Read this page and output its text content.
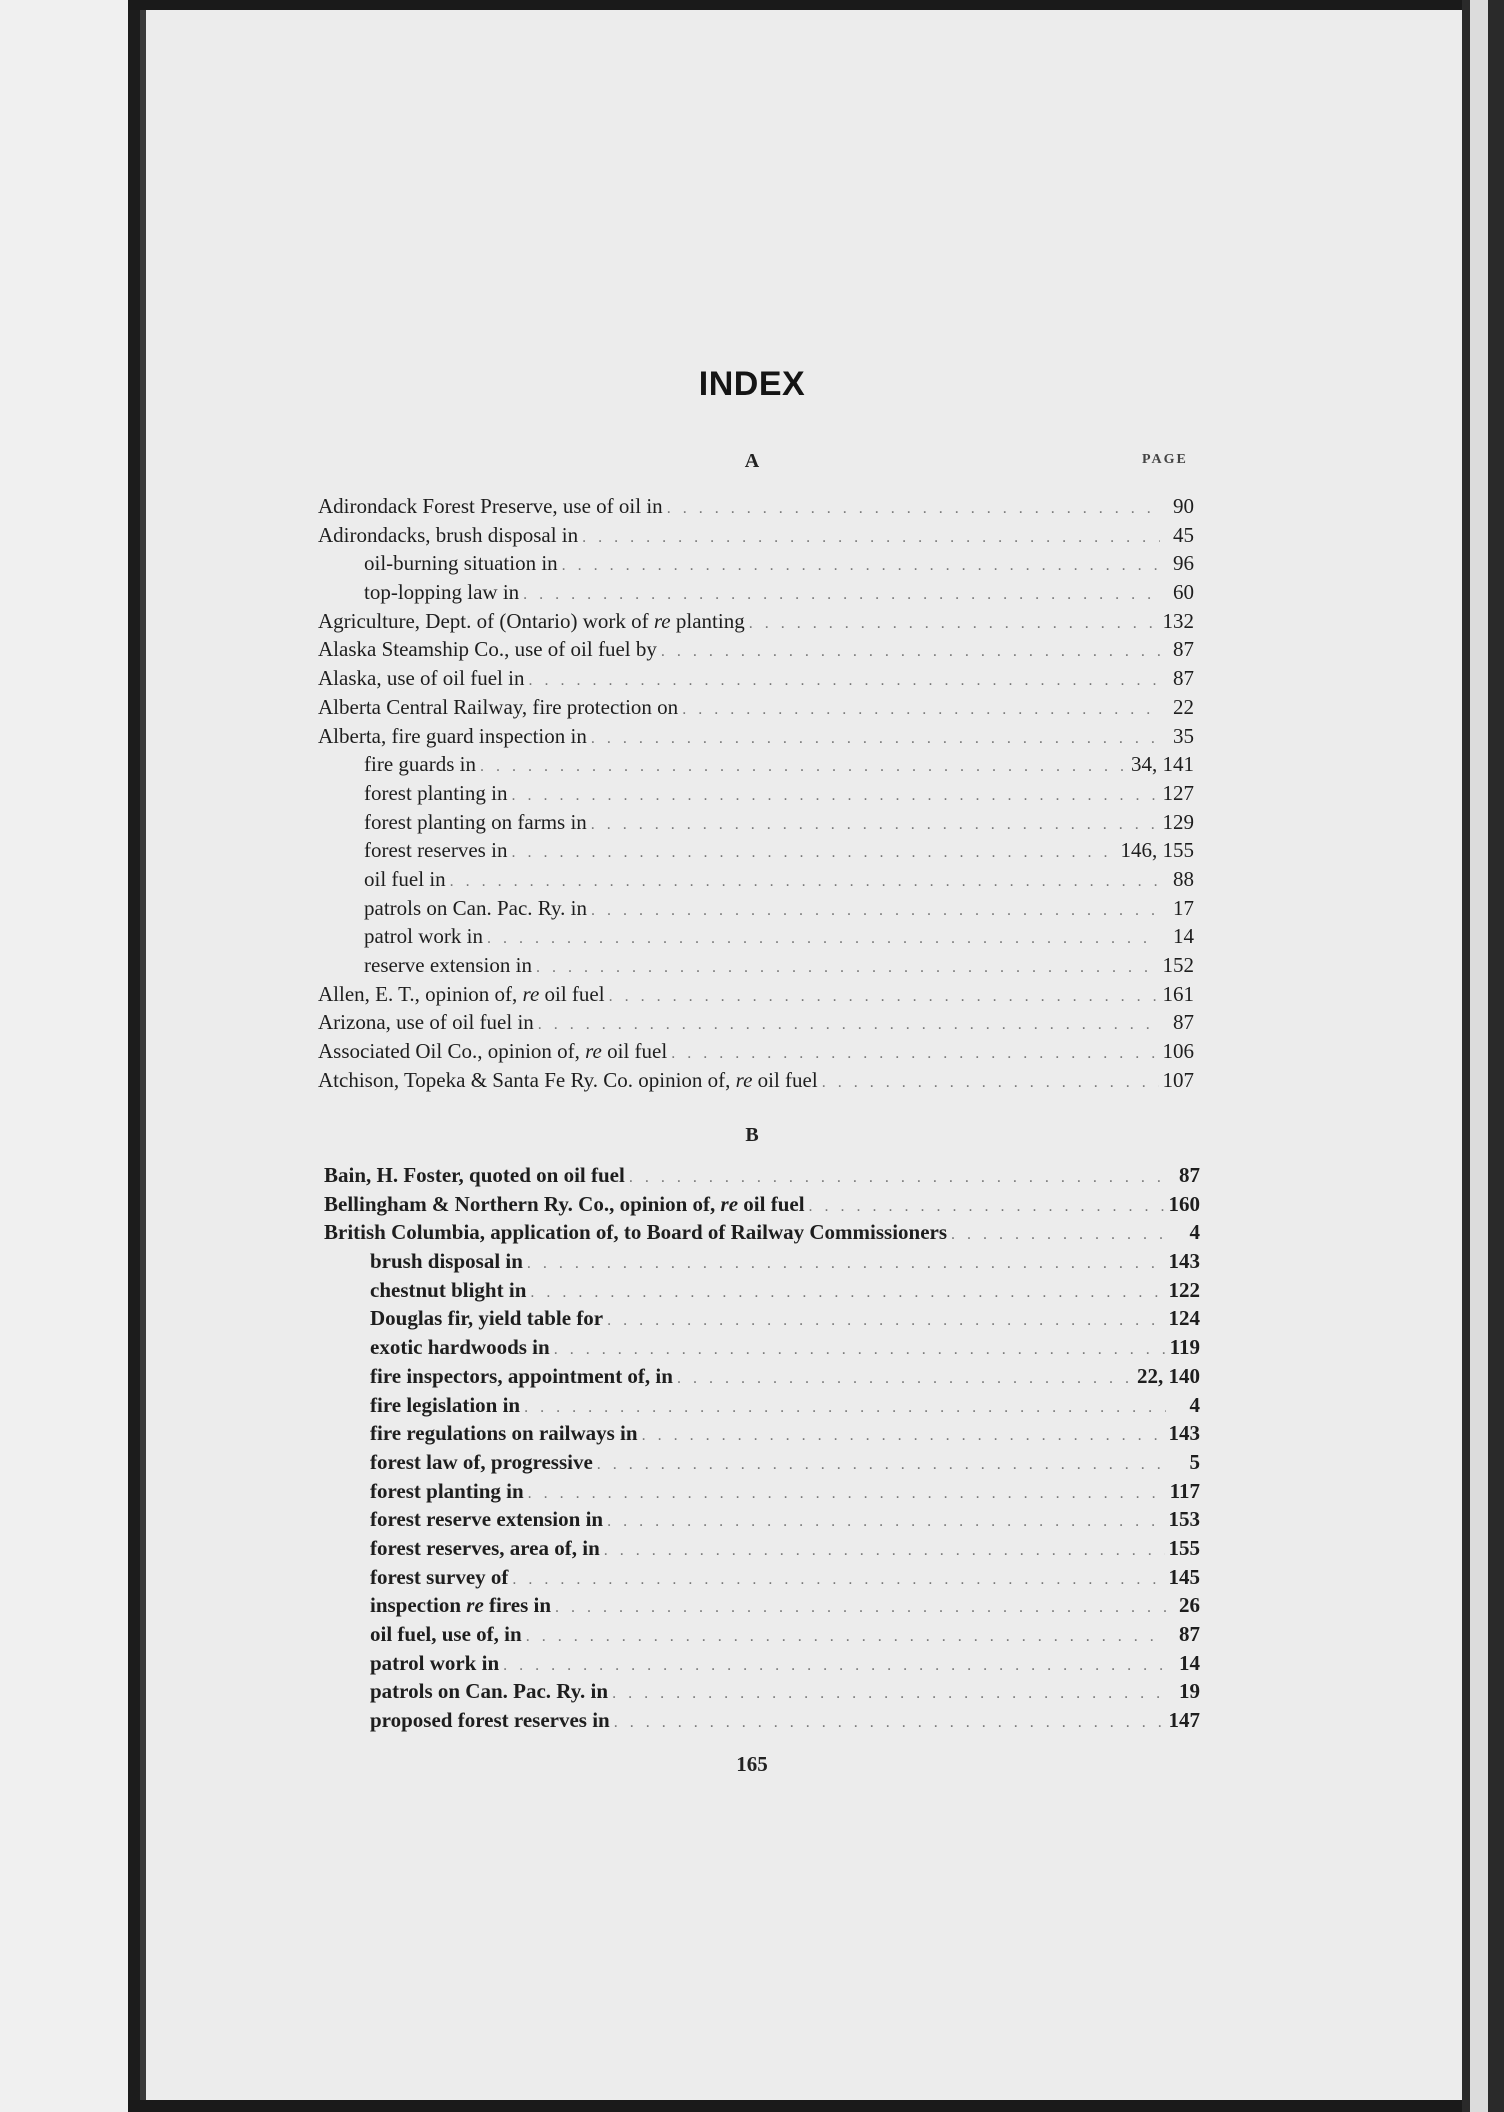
INDEX
A	PAGE
Adirondack Forest Preserve, use of oil in . . .	90
Adirondacks, brush disposal in . . .	45
oil-burning situation in . . .	96
top-lopping law in . . .	60
Agriculture, Dept. of (Ontario) work of re planting . . .	132
Alaska Steamship Co., use of oil fuel by . . .	87
Alaska, use of oil fuel in . . .	87
Alberta Central Railway, fire protection on . . .	22
Alberta, fire guard inspection in . . .	35
fire guards in . . .	34, 141
forest planting in . . .	127
forest planting on farms in . . .	129
forest reserves in . . .	146, 155
oil fuel in . . .	88
patrols on Can. Pac. Ry. in . . .	17
patrol work in . . .	14
reserve extension in . . .	152
Allen, E. T., opinion of, re oil fuel . . .	161
Arizona, use of oil fuel in . . .	87
Associated Oil Co., opinion of, re oil fuel . . .	106
Atchison, Topeka & Santa Fe Ry. Co. opinion of, re oil fuel . . .	107
B
Bain, H. Foster, quoted on oil fuel . . .	87
Bellingham & Northern Ry. Co., opinion of, re oil fuel . . .	160
British Columbia, application of, to Board of Railway Commissioners . . .	4
brush disposal in . . .	143
chestnut blight in . . .	122
Douglas fir, yield table for . . .	124
exotic hardwoods in . . .	119
fire inspectors, appointment of, in . . .	22, 140
fire legislation in . . .	4
fire regulations on railways in . . .	143
forest law of, progressive . . .	5
forest planting in . . .	117
forest reserve extension in . . .	153
forest reserves, area of, in . . .	155
forest survey of . . .	145
inspection re fires in . . .	26
oil fuel, use of, in . . .	87
patrol work in . . .	14
patrols on Can. Pac. Ry. in . . .	19
proposed forest reserves in . . .	147
165
